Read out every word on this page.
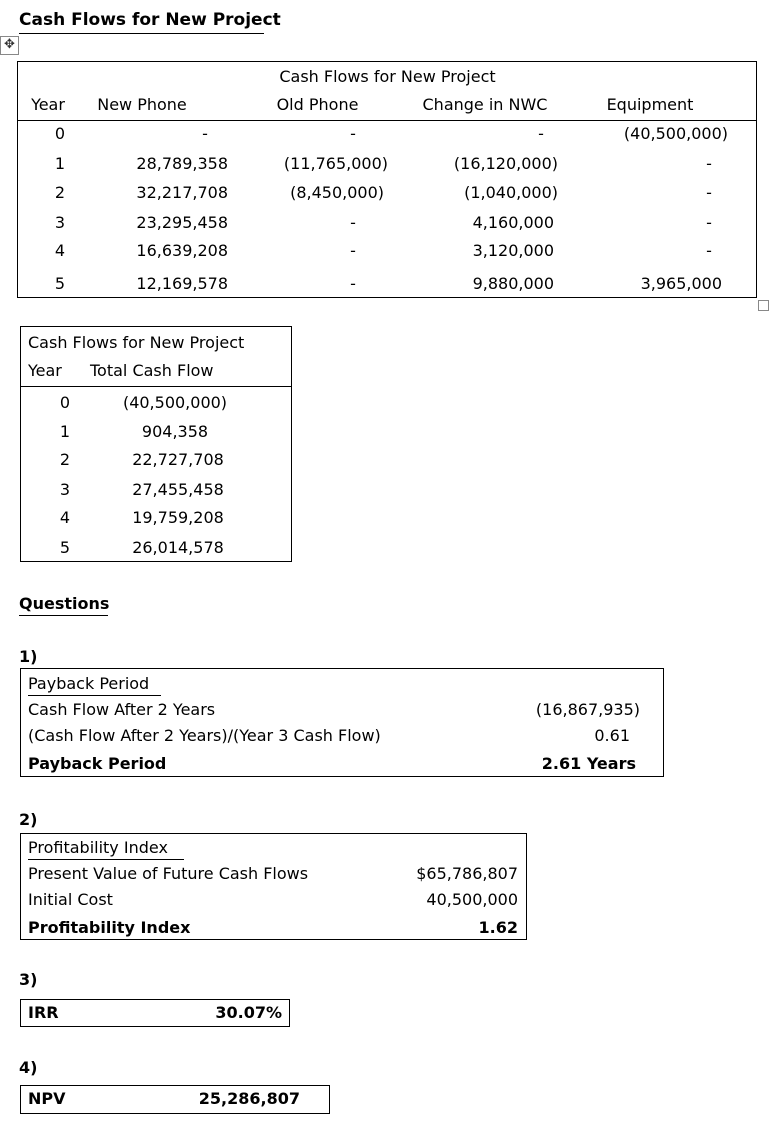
Cash Flows for New Project
✥
Cash Flows for New Project
Year	New Phone	Old Phone	Change in NWC	Equipment
0	-	-	-	(40,500,000)
1	28,789,358	(11,765,000)	(16,120,000)	-
2	32,217,708	(8,450,000)	(1,040,000)	-
3	23,295,458	-	4,160,000	-
4	16,639,208	-	3,120,000	-
5	12,169,578	-	9,880,000	3,965,000
Cash Flows for New Project
Year	Total Cash Flow
0	(40,500,000)
1	904,358
2	22,727,708
3	27,455,458
4	19,759,208
5	26,014,578
Questions
1)
Payback Period
Cash Flow After 2 Years	(16,867,935)
(Cash Flow After 2 Years)/(Year 3 Cash Flow)	0.61
Payback Period	2.61 Years
2)
Profitability Index
Present Value of Future Cash Flows	$65,786,807
Initial Cost	40,500,000
Profitability Index	1.62
3)
IRR	30.07%
4)
NPV	25,286,807
